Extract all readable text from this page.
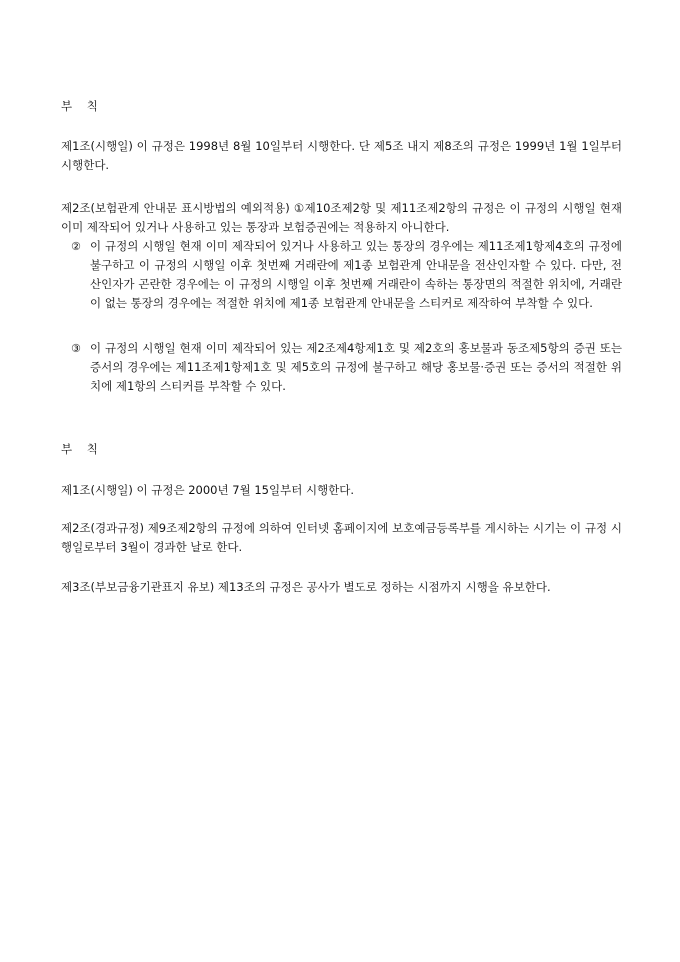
부    칙

제1조(시행일) 이 규정은 1998년 8월 10일부터 시행한다. 단 제5조 내지 제8조의 규정은 1999년 1월 1일부터 시행한다.

제2조(보험관계 안내문 표시방법의 예외적용) ①제10조제2항 및 제11조제2항의 규정은 이 규정의 시행일 현재 이미 제작되어 있거나 사용하고 있는 통장과 보험증권에는 적용하지 아니한다.

② 이 규정의 시행일 현재 이미 제작되어 있거나 사용하고 있는 통장의 경우에는 제11조제1항제4호의 규정에 불구하고 이 규정의 시행일 이후 첫번째 거래란에 제1종 보험관계 안내문을 전산인자할 수 있다. 다만, 전산인자가 곤란한 경우에는 이 규정의 시행일 이후 첫번째 거래란이 속하는 통장면의 적절한 위치에, 거래란이 없는 통장의 경우에는 적절한 위치에 제1종 보험관계 안내문을 스티커로 제작하여 부착할 수 있다.
③ 이 규정의 시행일 현재 이미 제작되어 있는 제2조제4항제1호 및 제2호의 홍보물과 동조제5항의 증권 또는 증서의 경우에는 제11조제1항제1호 및 제5호의 규정에 불구하고 해당 홍보물·증권 또는 증서의 적절한 위치에 제1항의 스티커를 부착할 수 있다.

부    칙

제1조(시행일) 이 규정은 2000년 7월 15일부터 시행한다.

제2조(경과규정) 제9조제2항의 규정에 의하여 인터넷 홈페이지에 보호예금등록부를 게시하는 시기는 이 규정 시행일로부터 3월이 경과한 날로 한다.

제3조(부보금융기관표지 유보) 제13조의 규정은 공사가 별도로 정하는 시점까지 시행을 유보한다.
